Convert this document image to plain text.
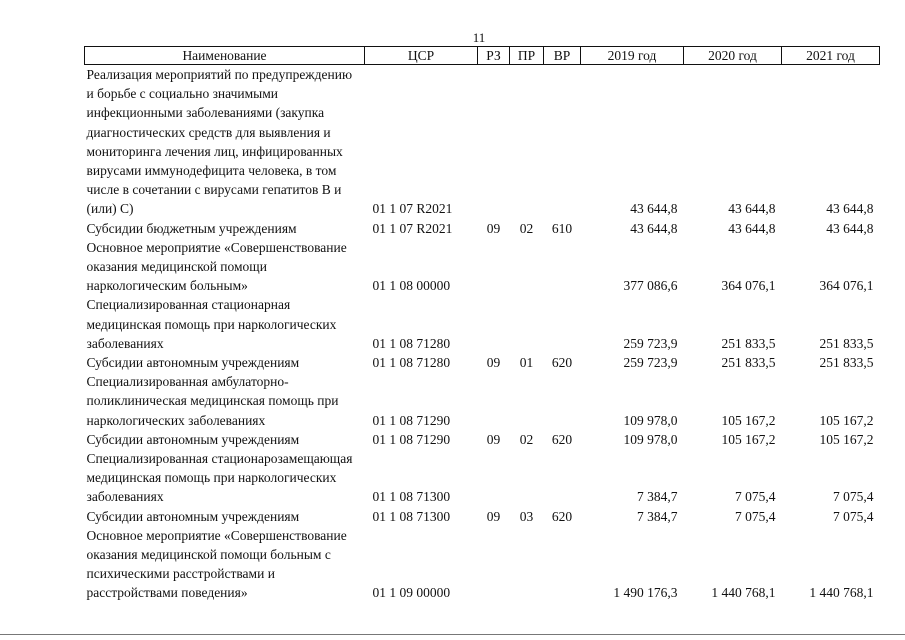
11
Наименование	ЦСР	РЗ	ПР	ВР	2019 год	2020 год	2021 год
Реализация мероприятий по предупреждению и борьбе с социально значимыми инфекционными заболеваниями (закупка диагностических средств для выявления и мониторинга лечения лиц, инфицированных вирусами иммунодефицита человека, в том числе в сочетании с вирусами гепатитов В и (или) С)	01 1 07 R2021				43 644,8	43 644,8	43 644,8
Субсидии бюджетным учреждениям	01 1 07 R2021	09	02	610	43 644,8	43 644,8	43 644,8
Основное мероприятие «Совершенствование оказания медицинской помощи наркологическим больным»	01 1 08 00000				377 086,6	364 076,1	364 076,1
Специализированная стационарная медицинская помощь при наркологических заболеваниях	01 1 08 71280				259 723,9	251 833,5	251 833,5
Субсидии автономным учреждениям	01 1 08 71280	09	01	620	259 723,9	251 833,5	251 833,5
Специализированная амбулаторно-поликлиническая медицинская помощь при наркологических заболеваниях	01 1 08 71290				109 978,0	105 167,2	105 167,2
Субсидии автономным учреждениям	01 1 08 71290	09	02	620	109 978,0	105 167,2	105 167,2
Специализированная стационарозамещающая медицинская помощь при наркологических заболеваниях	01 1 08 71300				7 384,7	7 075,4	7 075,4
Субсидии автономным учреждениям	01 1 08 71300	09	03	620	7 384,7	7 075,4	7 075,4
Основное мероприятие «Совершенствование оказания медицинской помощи больным с психическими расстройствами и расстройствами поведения»	01 1 09 00000				1 490 176,3	1 440 768,1	1 440 768,1
